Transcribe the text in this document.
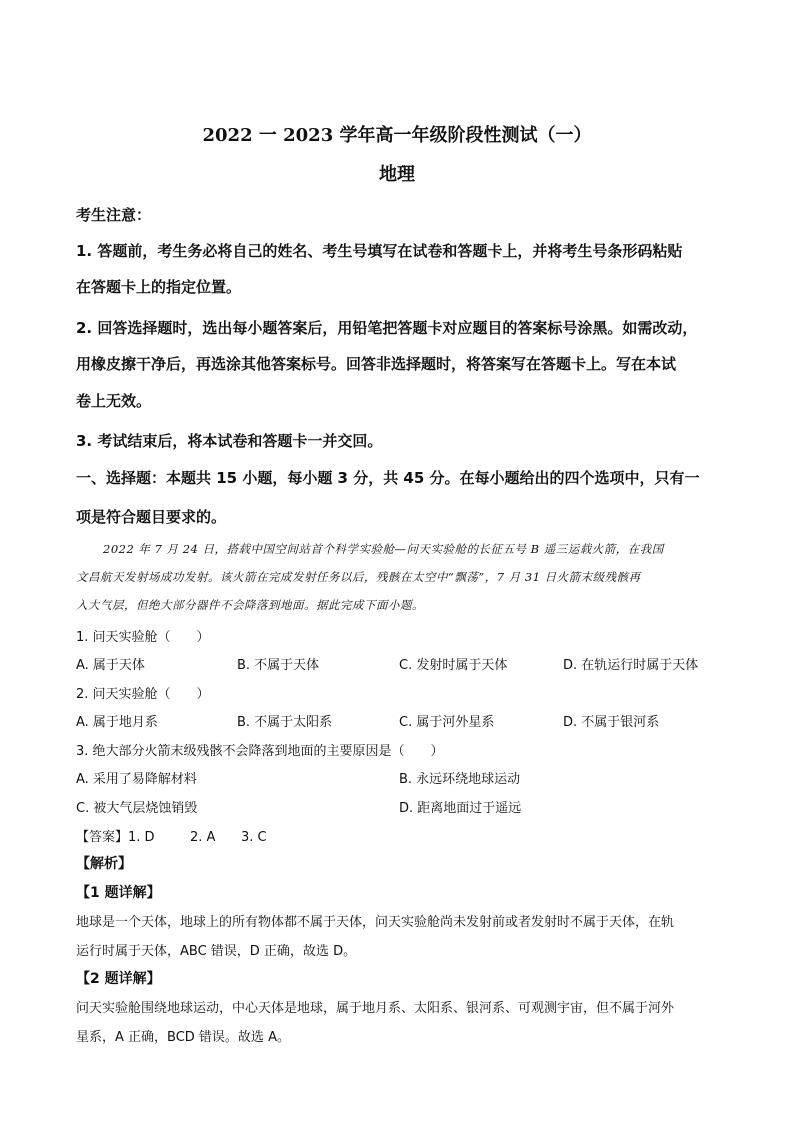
2022 一 2023 学年高一年级阶段性测试（一）
地理
考生注意：
1. 答题前，考生务必将自己的姓名、考生号填写在试卷和答题卡上，并将考生号条形码粘贴
在答题卡上的指定位置。
2. 回答选择题时，选出每小题答案后，用铅笔把答题卡对应题目的答案标号涂黑。如需改动，
用橡皮擦干净后，再选涂其他答案标号。回答非选择题时，将答案写在答题卡上。写在本试
卷上无效。
3. 考试结束后，将本试卷和答题卡一并交回。
一、选择题：本题共 15 小题，每小题 3 分，共 45 分。在每小题给出的四个选项中，只有一
项是符合题目要求的。
2022 年 7 月 24 日，搭载中国空间站首个科学实验舱—问天实验舱的长征五号 B 遥三运载火箭，在我国
文昌航天发射场成功发射。该火箭在完成发射任务以后，残骸在太空中“飘荡”，7 月 31 日火箭末级残骸再
入大气层，但绝大部分器件不会降落到地面。据此完成下面小题。
1. 问天实验舱（　　）
A. 属于天体	B. 不属于天体	C. 发射时属于天体	D. 在轨运行时属于天体
2. 问天实验舱（　　）
A. 属于地月系	B. 不属于太阳系	C. 属于河外星系	D. 不属于银河系
3. 绝大部分火箭末级残骸不会降落到地面的主要原因是（　　）
A. 采用了易降解材料	B. 永远环绕地球运动
C. 被大气层烧蚀销毁	D. 距离地面过于遥远
【答案】1. D	2. A 3. C
【解析】
【1 题详解】
地球是一个天体，地球上的所有物体都不属于天体，问天实验舱尚未发射前或者发射时不属于天体，在轨
运行时属于天体，ABC 错误，D 正确，故选 D。
【2 题详解】
问天实验舱围绕地球运动，中心天体是地球，属于地月系、太阳系、银河系、可观测宇宙，但不属于河外
星系，A 正确，BCD 错误。故选 A。
